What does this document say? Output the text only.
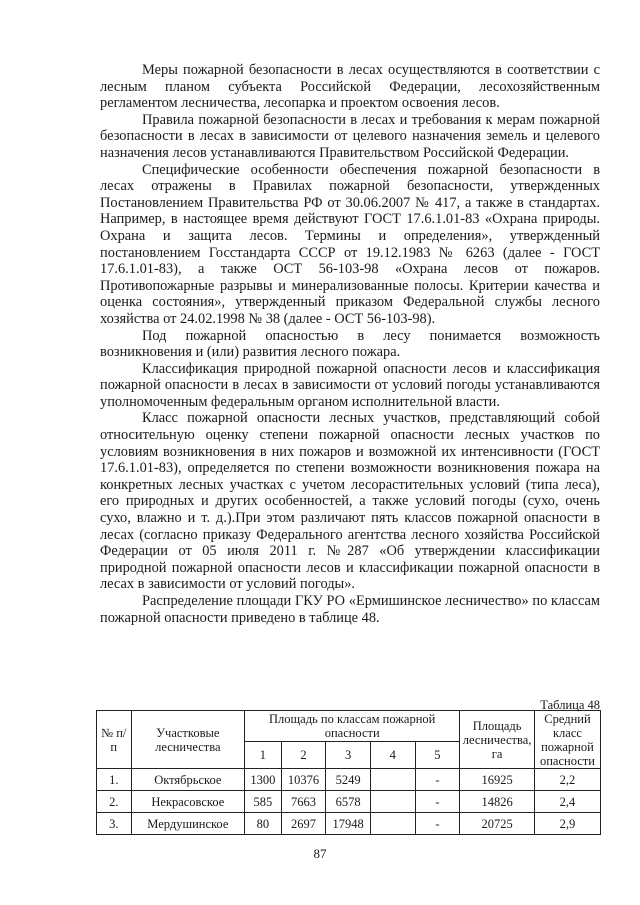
Меры пожарной безопасности в лесах осуществляются в соответствии с лесным планом субъекта Российской Федерации, лесохозяйственным регламентом лесничества, лесопарка и проектом освоения лесов.

Правила пожарной безопасности в лесах и требования к мерам пожарной безопасности в лесах в зависимости от целевого назначения земель и целевого назначения лесов устанавливаются Правительством Российской Федерации.

Специфические особенности обеспечения пожарной безопасности в лесах отражены в Правилах пожарной безопасности, утвержденных Постановлением Правительства РФ от 30.06.2007 № 417, а также в стандартах. Например, в настоящее время действуют ГОСТ 17.6.1.01-83 «Охрана природы. Охрана и защита лесов. Термины и определения», утвержденный постановлением Госстандарта СССР от 19.12.1983 № 6263 (далее - ГОСТ 17.6.1.01-83), а также ОСТ 56-103-98 «Охрана лесов от пожаров. Противопожарные разрывы и минерализованные полосы. Критерии качества и оценка состояния», утвержденный приказом Федеральной службы лесного хозяйства от 24.02.1998 № 38 (далее - ОСТ 56-103-98).

Под пожарной опасностью в лесу понимается возможность возникновения и (или) развития лесного пожара.

Классификация природной пожарной опасности лесов и классификация пожарной опасности в лесах в зависимости от условий погоды устанавливаются уполномоченным федеральным органом исполнительной власти.

Класс пожарной опасности лесных участков, представляющий собой относительную оценку степени пожарной опасности лесных участков по условиям возникновения в них пожаров и возможной их интенсивности (ГОСТ 17.6.1.01-83), определяется по степени возможности возникновения пожара на конкретных лесных участках с учетом лесорастительных условий (типа леса), его природных и других особенностей, а также условий погоды (сухо, очень сухо, влажно и т. д.).При этом различают пять классов пожарной опасности в лесах (согласно приказу Федерального агентства лесного хозяйства Российской Федерации от 05 июля 2011 г. №287 «Об утверждении классификации природной пожарной опасности лесов и классификации пожарной опасности в лесах в зависимости от условий погоды».

Распределение площади ГКУ РО «Ермишинское лесничество» по классам пожарной опасности приведено в таблице 48.

Таблица 48
№ п/п	Участковые лесничества	Площадь по классам пожарной опасности					Площадь лесничества, га	Средний класс пожарной опасности
		1	2	3	4	5		
1.	Октябрьское	1300	10376	5249		-	16925	2,2
2.	Некрасовское	585	7663	6578		-	14826	2,4
3.	Мердушинское	80	2697	17948		-	20725	2,9
87
